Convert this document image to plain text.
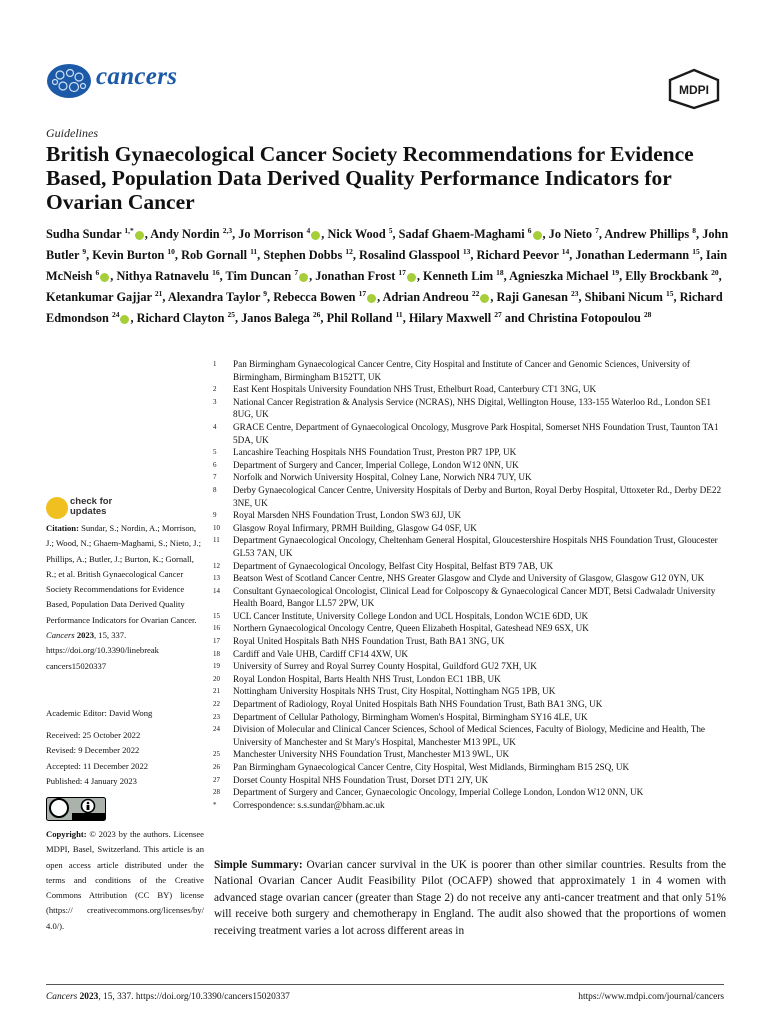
cancers	MDPI
Guidelines
British Gynaecological Cancer Society Recommendations for Evidence Based, Population Data Derived Quality Performance Indicators for Ovarian Cancer
Sudha Sundar $^{1,*}$ , Andy Nordin $^{2,3}$, Jo Morrison $^4$ , Nick Wood $^5$, Sadaf Ghaem-Maghami $^6$ , Jo Nieto $^7$, Andrew Phillips $^8$, John Butler $^9$, Kevin Burton $^{10}$, Rob Gornall $^{11}$, Stephen Dobbs $^{12}$, Rosalind Glasspool $^{13}$, Richard Peevor $^{14}$, Jonathan Ledermann $^{15}$, Iain McNeish $^6$ , Nithya Ratnavelu $^{16}$, Tim Duncan $^7$ , Jonathan Frost $^{17}$ , Kenneth Lim $^{18}$, Agnieszka Michael $^{19}$, Elly Brockbank $^{20}$, Ketankumar Gajjar $^{21}$, Alexandra Taylor $^9$, Rebecca Bowen $^{17}$ , Adrian Andreou $^{22}$ , Raji Ganesan $^{23}$, Shibani Nicum $^{15}$, Richard Edmondson $^{24}$ , Richard Clayton $^{25}$, Janos Balega $^{26}$, Phil Rolland $^{11}$, Hilary Maxwell $^{27}$ and Christina Fotopoulou $^{28}$
1	Pan Birmingham Gynaecological Cancer Centre, City Hospital and Institute of Cancer and Genomic Sciences, University of Birmingham, Birmingham B152TT, UK
2	East Kent Hospitals University Foundation NHS Trust, Ethelburt Road, Canterbury CT1 3NG, UK
3	National Cancer Registration & Analysis Service (NCRAS), NHS Digital, Wellington House, 133-155 Waterloo Rd., London SE1 8UG, UK
4	GRACE Centre, Department of Gynaecological Oncology, Musgrove Park Hospital, Somerset NHS Foundation Trust, Taunton TA1 5DA, UK
5	Lancashire Teaching Hospitals NHS Foundation Trust, Preston PR7 1PP, UK
6	Department of Surgery and Cancer, Imperial College, London W12 0NN, UK
7	Norfolk and Norwich University Hospital, Colney Lane, Norwich NR4 7UY, UK
8	Derby Gynaecological Cancer Centre, University Hospitals of Derby and Burton, Royal Derby Hospital, Uttoxeter Rd., Derby DE22 3NE, UK
9	Royal Marsden NHS Foundation Trust, London SW3 6JJ, UK
10	Glasgow Royal Infirmary, PRMH Building, Glasgow G4 0SF, UK
11	Department Gynaecological Oncology, Cheltenham General Hospital, Gloucestershire Hospitals NHS Foundation Trust, Gloucester GL53 7AN, UK
12	Department of Gynaecological Oncology, Belfast City Hospital, Belfast BT9 7AB, UK
13	Beatson West of Scotland Cancer Centre, NHS Greater Glasgow and Clyde and University of Glasgow, Glasgow G12 0YN, UK
14	Consultant Gynaecological Oncologist, Clinical Lead for Colposcopy & Gynaecological Cancer MDT, Betsi Cadwaladr University Health Board, Bangor LL57 2PW, UK
15	UCL Cancer Institute, University College London and UCL Hospitals, London WC1E 6DD, UK
16	Northern Gynaecological Oncology Centre, Queen Elizabeth Hospital, Gateshead NE9 6SX, UK
17	Royal United Hospitals Bath NHS Foundation Trust, Bath BA1 3NG, UK
18	Cardiff and Vale UHB, Cardiff CF14 4XW, UK
19	University of Surrey and Royal Surrey County Hospital, Guildford GU2 7XH, UK
20	Royal London Hospital, Barts Health NHS Trust, London EC1 1BB, UK
21	Nottingham University Hospitals NHS Trust, City Hospital, Nottingham NG5 1PB, UK
22	Department of Radiology, Royal United Hospitals Bath NHS Foundation Trust, Bath BA1 3NG, UK
23	Department of Cellular Pathology, Birmingham Women's Hospital, Birmingham SY16 4LE, UK
24	Division of Molecular and Clinical Cancer Sciences, School of Medical Sciences, Faculty of Biology, Medicine and Health, The University of Manchester and St Mary's Hospital, Manchester M13 9PL, UK
25	Manchester University NHS Foundation Trust, Manchester M13 9WL, UK
26	Pan Birmingham Gynaecological Cancer Centre, City Hospital, West Midlands, Birmingham B15 2SQ, UK
27	Dorset County Hospital NHS Foundation Trust, Dorset DT1 2JY, UK
28	Department of Surgery and Cancer, Gynaecologic Oncology, Imperial College London, London W12 0NN, UK
*	Correspondence: s.s.sundar@bham.ac.uk
check for
updates
Citation: Sundar, S.; Nordin, A.; Morrison, J.; Wood, N.; Ghaem-Maghami, S.; Nieto, J.; Phillips, A.; Butler, J.; Burton, K.; Gornall, R.; et al. British Gynaecological Cancer Society Recommendations for Evidence Based, Population Data Derived Quality Performance Indicators for Ovarian Cancer. Cancers 2023, 15, 337. https://doi.org/10.3390/linebreak cancers15020337
Academic Editor: David Wong
Received: 25 October 2022
Revised: 9 December 2022
Accepted: 11 December 2022
Published: 4 January 2023
Copyright: © 2023 by the authors. Licensee MDPI, Basel, Switzerland. This article is an open access article distributed under the terms and conditions of the Creative Commons Attribution (CC BY) license (https:// creativecommons.org/licenses/by/ 4.0/).
Simple Summary: Ovarian cancer survival in the UK is poorer than other similar countries. Results from the National Ovarian Cancer Audit Feasibility Pilot (OCAFP) showed that approximately 1 in 4 women with advanced stage ovarian cancer (greater than Stage 2) do not receive any anti-cancer treatment and that only 51% will receive both surgery and chemotherapy in England. The audit also showed that the proportions of women receiving treatment varies a lot across different areas in
Cancers 2023, 15, 337. https://doi.org/10.3390/cancers15020337	https://www.mdpi.com/journal/cancers
